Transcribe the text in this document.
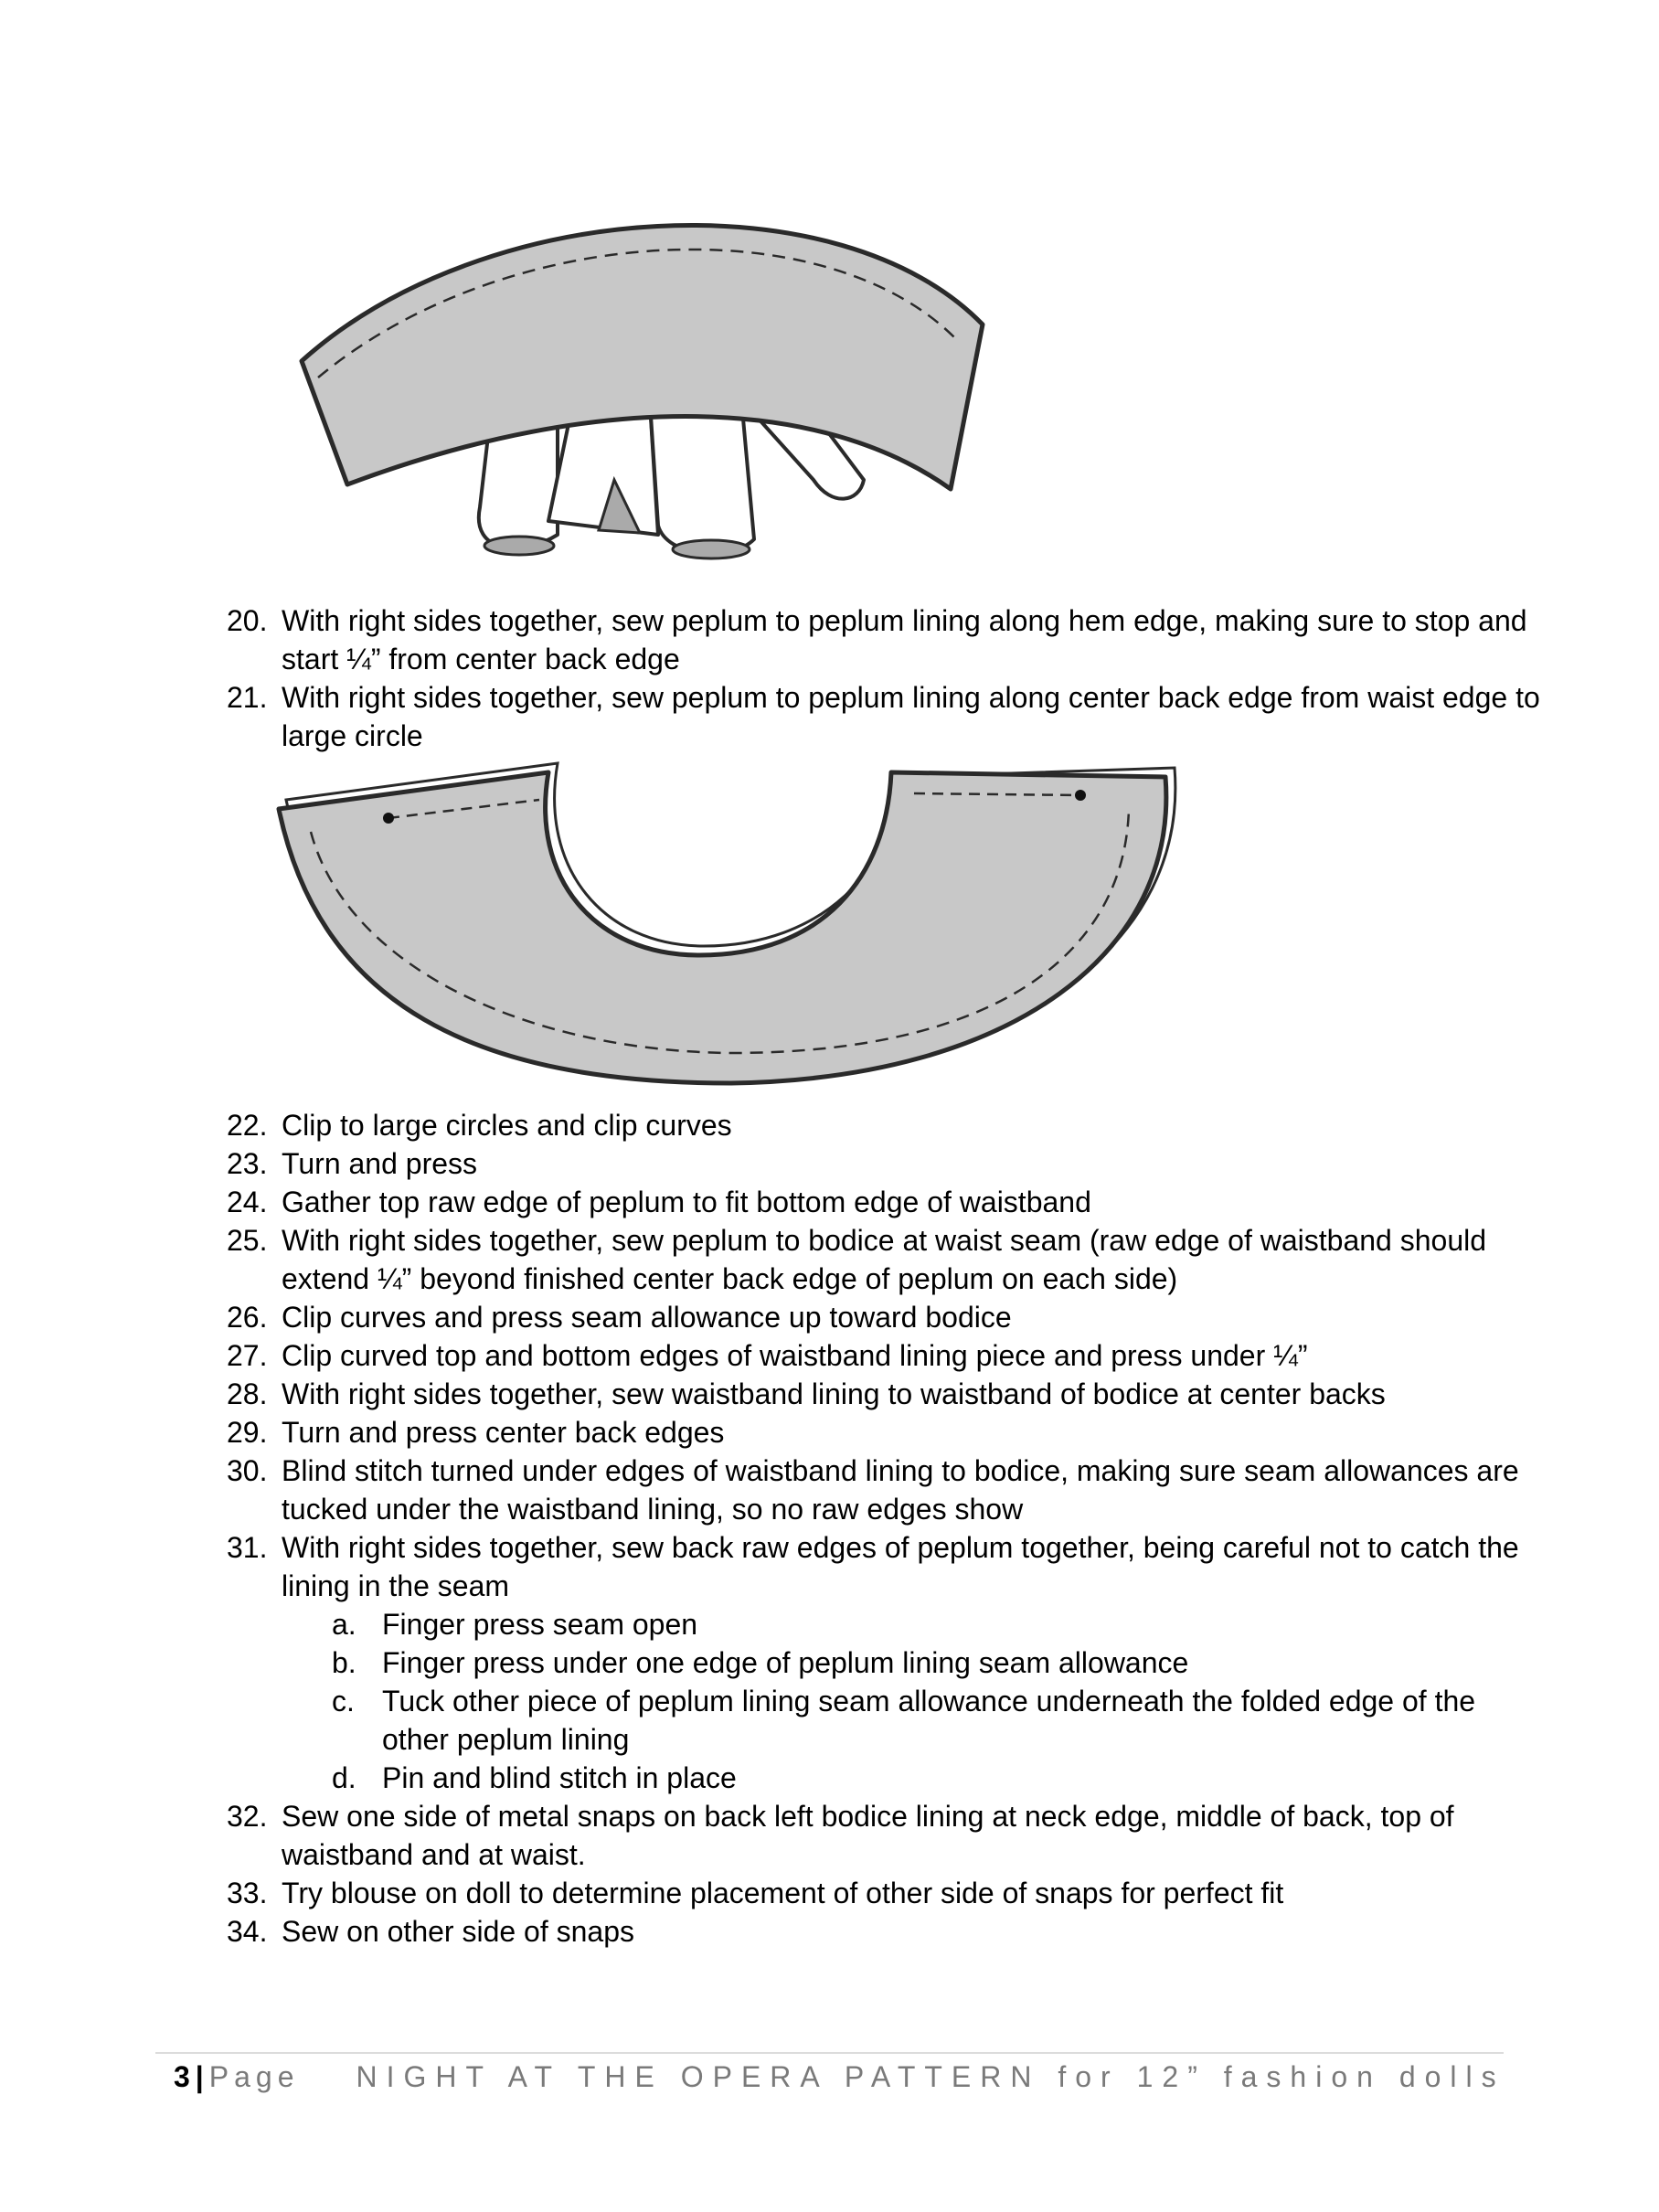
20. With right sides together, sew peplum to peplum lining along hem edge, making sure to stop and start ¼” from center back edge
21. With right sides together, sew peplum to peplum lining along center back edge from waist edge to large circle
22. Clip to large circles and clip curves
23. Turn and press
24. Gather top raw edge of peplum to fit bottom edge of waistband
25. With right sides together, sew peplum to bodice at waist seam (raw edge of waistband should extend ¼” beyond finished center back edge of peplum on each side)
26. Clip curves and press seam allowance up toward bodice
27. Clip curved top and bottom edges of waistband lining piece and press under ¼”
28. With right sides together, sew waistband lining to waistband of bodice at center backs
29. Turn and press center back edges
30. Blind stitch turned under edges of waistband lining to bodice, making sure seam allowances are tucked under the waistband lining, so no raw edges show
31. With right sides together, sew back raw edges of peplum together, being careful not to catch the lining in the seam
a. Finger press seam open
b. Finger press under one edge of peplum lining seam allowance
c. Tuck other piece of peplum lining seam allowance underneath the folded edge of the other peplum lining
d. Pin and blind stitch in place
32. Sew one side of metal snaps on back left bodice lining at neck edge, middle of back, top of waistband and at waist.
33. Try blouse on doll to determine placement of other side of snaps for perfect fit
34. Sew on other side of snaps
3 | Page NIGHT AT THE OPERA PATTERN for 12” fashion dolls
